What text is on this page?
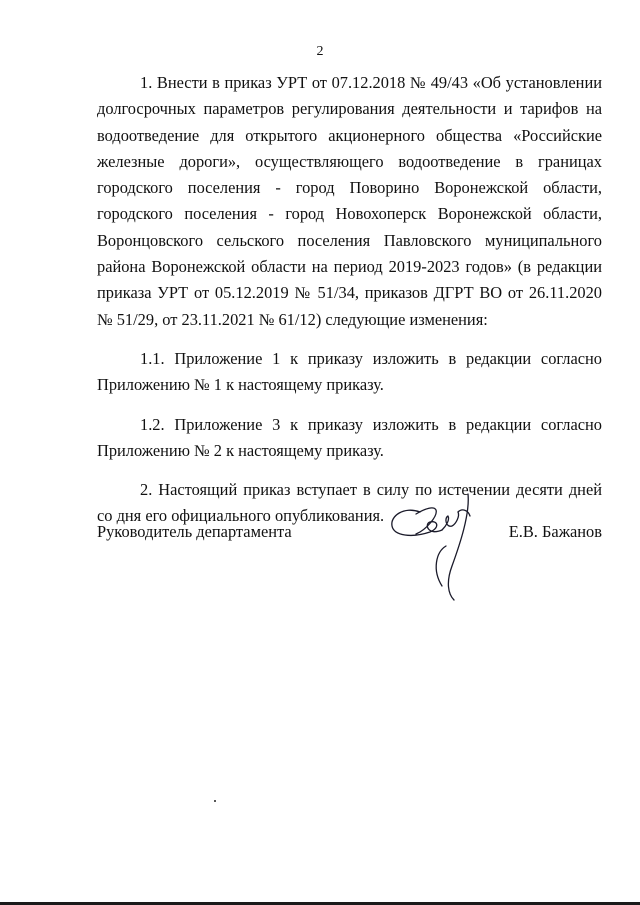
2

1. Внести в приказ УРТ от 07.12.2018 № 49/43 «Об установлении долгосрочных параметров регулирования деятельности и тарифов на водоотведение для открытого акционерного общества «Российские железные дороги», осуществляющего водоотведение в границах городского поселения - город Поворино Воронежской области, городского поселения - город Новохоперск Воронежской области, Воронцовского сельского поселения Павловского муниципального района Воронежской области на период 2019-2023 годов» (в редакции приказа УРТ от 05.12.2019 № 51/34, приказов ДГРТ ВО от 26.11.2020 № 51/29, от 23.11.2021 № 61/12) следующие изменения:

1.1. Приложение 1 к приказу изложить в редакции согласно Приложению № 1 к настоящему приказу.

1.2. Приложение 3 к приказу изложить в редакции согласно Приложению № 2 к настоящему приказу.

2. Настоящий приказ вступает в силу по истечении десяти дней со дня его официального опубликования.

Руководитель департамента	Е.В. Бажанов
